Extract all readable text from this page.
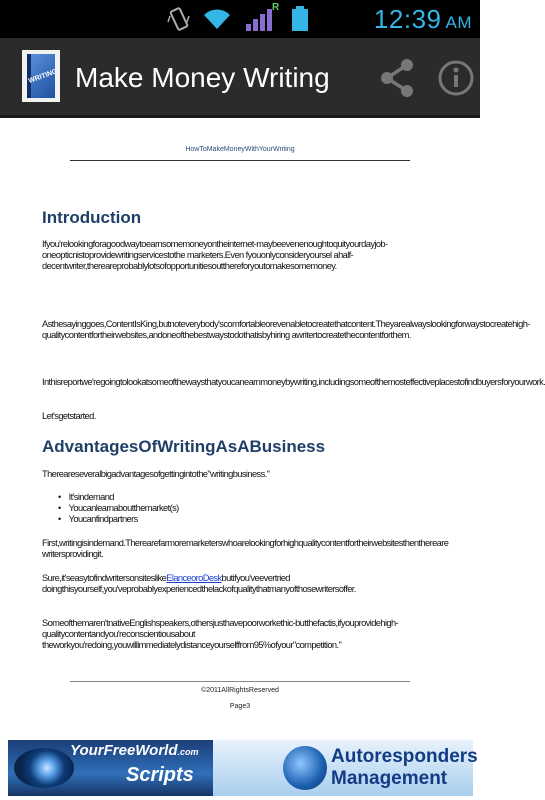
R	12:39 AM
WRITING Make Money Writing
HowToMakeMoneyWithYourWriting
Introduction
Ifyou'relookingforagoodwaytoearnsomemoneyontheinternet-maybeevenenoughtoquityourdayjob-oneopticnistoprovidewritingservicestothe marketers.Even fyouonlyconsideryoursel ahalf-decentwriter,thereareprobablylotsofopportunitiesoutthereforyoutomakesomemoney.
Asthesayinggoes,ContentIsKing,butnoteverybody'scomfortableorevenabletocreatethatcontent.Theyarealwayslookingforwaystocreatehigh-qualitycontentfortheirwebsites,andoneofthebestwaystodothatisbyhiring awritertocreatethecontentforthem.
Inthisreportwe'regoingtolookatsomeofthewaysthatyoucanearnmoneybywriting,includingsomeofthemosteffectiveplacestofindbuyersforyourwork.
Let'sgetstarted.
AdvantagesOfWritingAsABusiness
Thereareseveralbigadvantagesofgettingintothe"writingbusiness."
• It'sindemand
• Youcanlearnaboutthemarket(s)
• Youcanfindpartners
First,writingisindemand.Therearefarmoremarketerswhoarelookingforhighqualitycontentfortheirwebsitesthenthereare writersprovidingit.
Sure,it'seasytofindwritersonsiteslikeElanceoroDeskbutifyou'veevertried doingthisyourself,you'veprobablyexperiencedthelackofqualitythatmanyofthosewritersoffer.
Someofthemaren'tnativeEnglishspeakers,othersjusthavepoorworkethic-butthefactis,ifyouprovidehigh-qualitycontentandyou'reconscientiousabout theworkyou'redoing,youwillimmediatelydistanceyourselffrom95%ofyour"competition."
©2011AllRightsReserved
Page3
YourFreeWorld.com
Scripts
Autoresponders
Management
